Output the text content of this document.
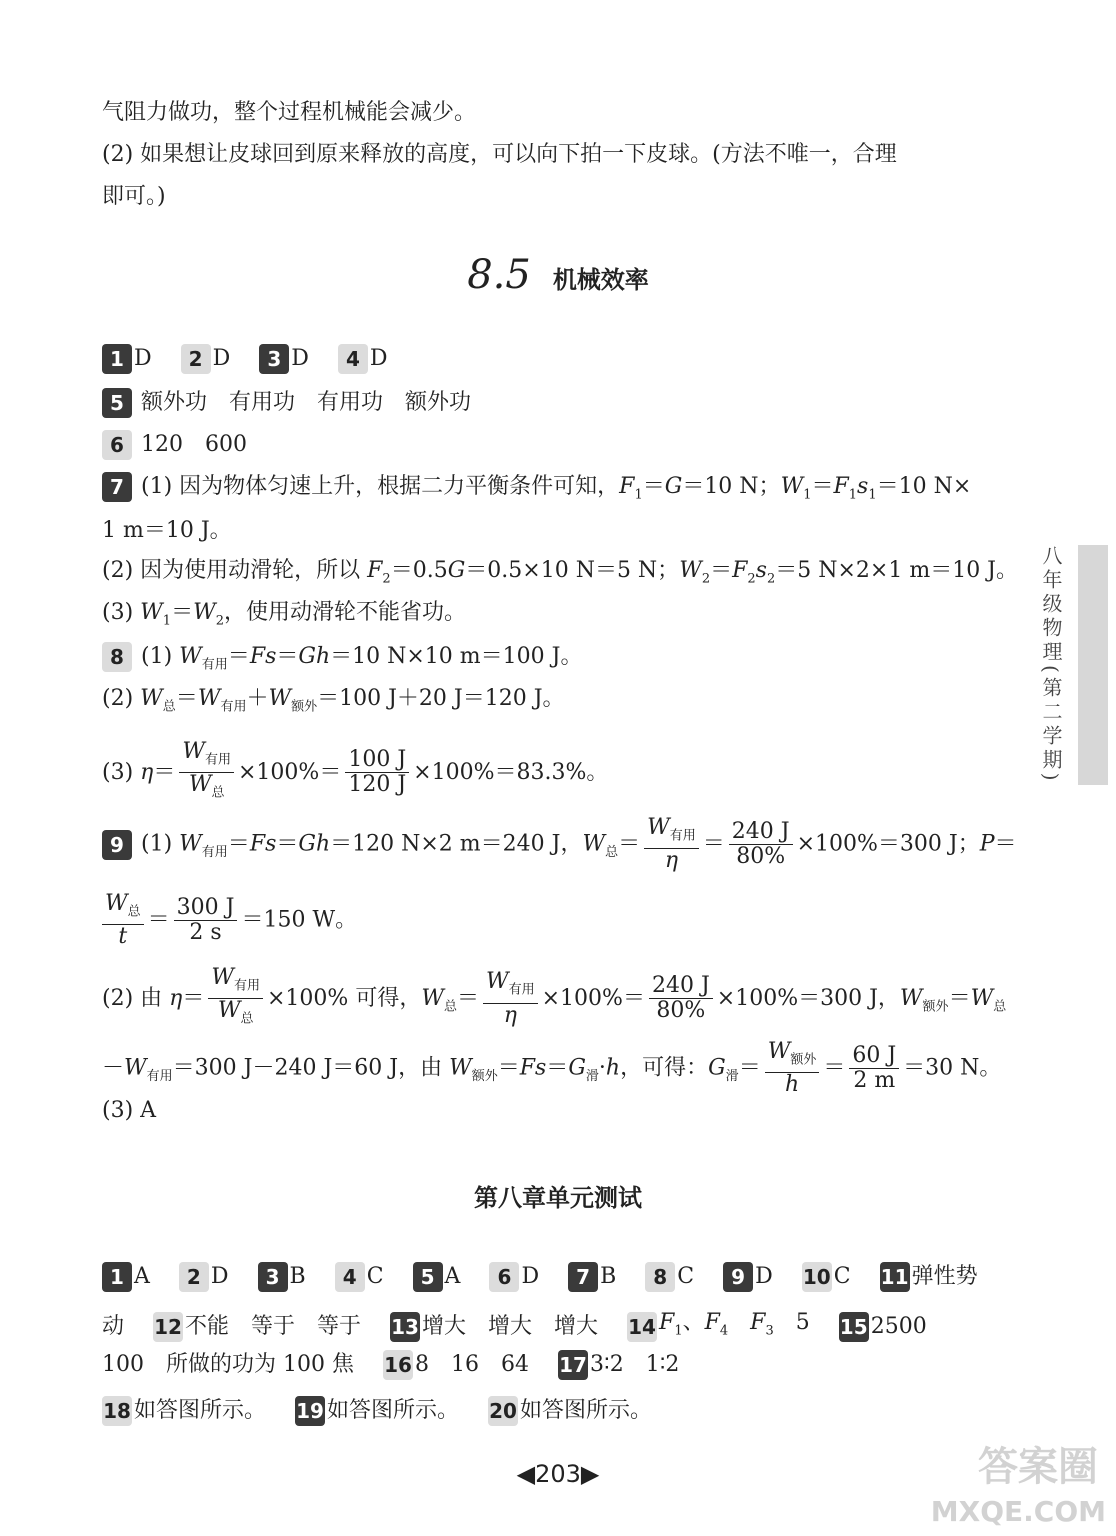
气阻力做功，整个过程机械能会减少。
(2) 如果想让皮球回到原来释放的高度，可以向下拍一下皮球。(方法不唯一，合理
即可。)
8.5 机械效率
1 D 2 D 3 D 4 D
5 额外功　有用功　有用功　额外功
6 120　600
7 (1) 因为物体匀速上升，根据二力平衡条件可知，$F_1=G=10$ N；$W_1=F_1s_1=10$ N×
1 m＝10 J。
(2) 因为使用动滑轮，所以 $F_2=0.5G=0.5\times 10$ N＝5 N；$W_2=F_2s_2=5$ N×2×1 m＝10 J。
(3) $W_1=W_2$，使用动滑轮不能省功。
8 (1) $W_{有用}=Fs=Gh=10$ N×10 m＝100 J。
(2) $W_总=W_{有用}+W_{额外}=100$ J＋20 J＝120 J。
(3) $\eta= \frac{W_{有用}}{W_总} \times 100\%= \frac{100 J}{120 J} \times 100\%=83.3\%$。
9 (1) $W_{有用}=Fs=Gh=120$ N×2 m＝240 J，$W_总= \frac{W_{有用}}{\eta} = \frac{240 J}{80\%} \times 100\%=300$ J；P＝
$\frac{W_总}{t} = \frac{300 J}{2 s} =150$ W。
(2) 由 $\eta= \frac{W_{有用}}{W_总} \times 100\%$ 可得，$W_总= \frac{W_{有用}}{\eta} \times 100\%= \frac{240 J}{80\%} \times 100\%=300$ J，$W_{额外}=W_总$
$-W_{有用}=300$ J－240 J＝60 J，由 $W_{额外}=Fs=G_滑\cdot h$，可得：$G_滑= \frac{W_{额外}}{h} = \frac{60 J}{2 m} =30$ N。
(3) A
第八章单元测试
1 A 2 D 3 B 4 C 5 A 6 D 7 B 8 C 9 D 10 C 11 弹性势
动 12 不能　等于　等于 13 增大　增大　增大 14 $F_1$、$F_4$　 $F_3$　5 15 2500
100　所做的功为 100 焦 16 8　16　64 17 3∶2　1∶2
18 如答图所示。 19 如答图所示。 20 如答图所示。
八年级物理(第二学期)
◀203▶	答案圈
MXQE.COM
